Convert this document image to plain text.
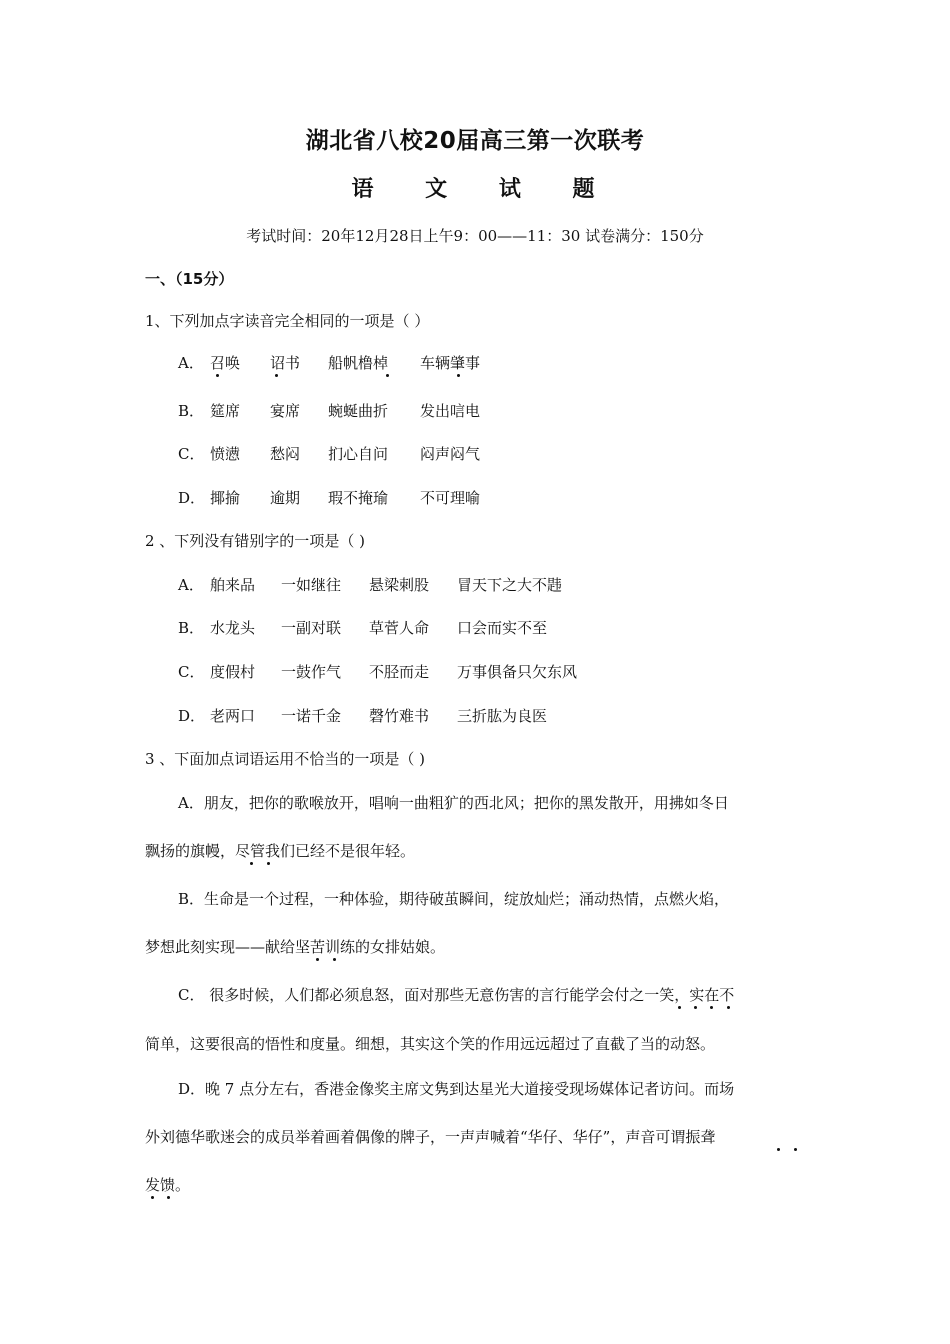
湖北省八校20届高三第一次联考
语 文 试 题
考试时间：20年12月28日上午9：00——11：30 试卷满分：150分
一、（15分）
1、下列加点字读音完全相同的一项是（ ）
A． 召唤 诏书 船帆橹棹 车辆肇事
B． 筵席 宴席 蜿蜒曲折 发出唁电
C． 愤懑 愁闷 扪心自问 闷声闷气
D． 揶揄 逾期 瑕不掩瑜 不可理喻
2 、下列没有错别字的一项是（ )
A． 舶来品 一如继往 悬梁刺股 冒天下之大不韪
B． 水龙头 一副对联 草菅人命 口会而实不至
C． 度假村 一鼓作气 不胫而走 万事俱备只欠东风
D． 老两口 一诺千金 磬竹难书 三折肱为良医
3 、下面加点词语运用不恰当的一项是（ )
A．朋友，把你的歌喉放开，唱响一曲粗犷的西北风；把你的黑发散开，用拂如冬日
飘扬的旗幔，尽管我们已经不是很年轻。
B．生命是一个过程，一种体验，期待破茧瞬间，绽放灿烂；涌动热情，点燃火焰，
梦想此刻实现——献给坚苦训练的女排姑娘。
C． 很多时候，人们都必须息怒，面对那些无意伤害的言行能学会付之一笑，实在不
简单，这要很高的悟性和度量。细想，其实这个笑的作用远远超过了直截了当的动怒。
D．晚 7 点分左右，香港金像奖主席文隽到达星光大道接受现场媒体记者访问。而场
外刘德华歌迷会的成员举着画着偶像的牌子，一声声喊着“华仔、华仔”，声音可谓振聋
发馈。
